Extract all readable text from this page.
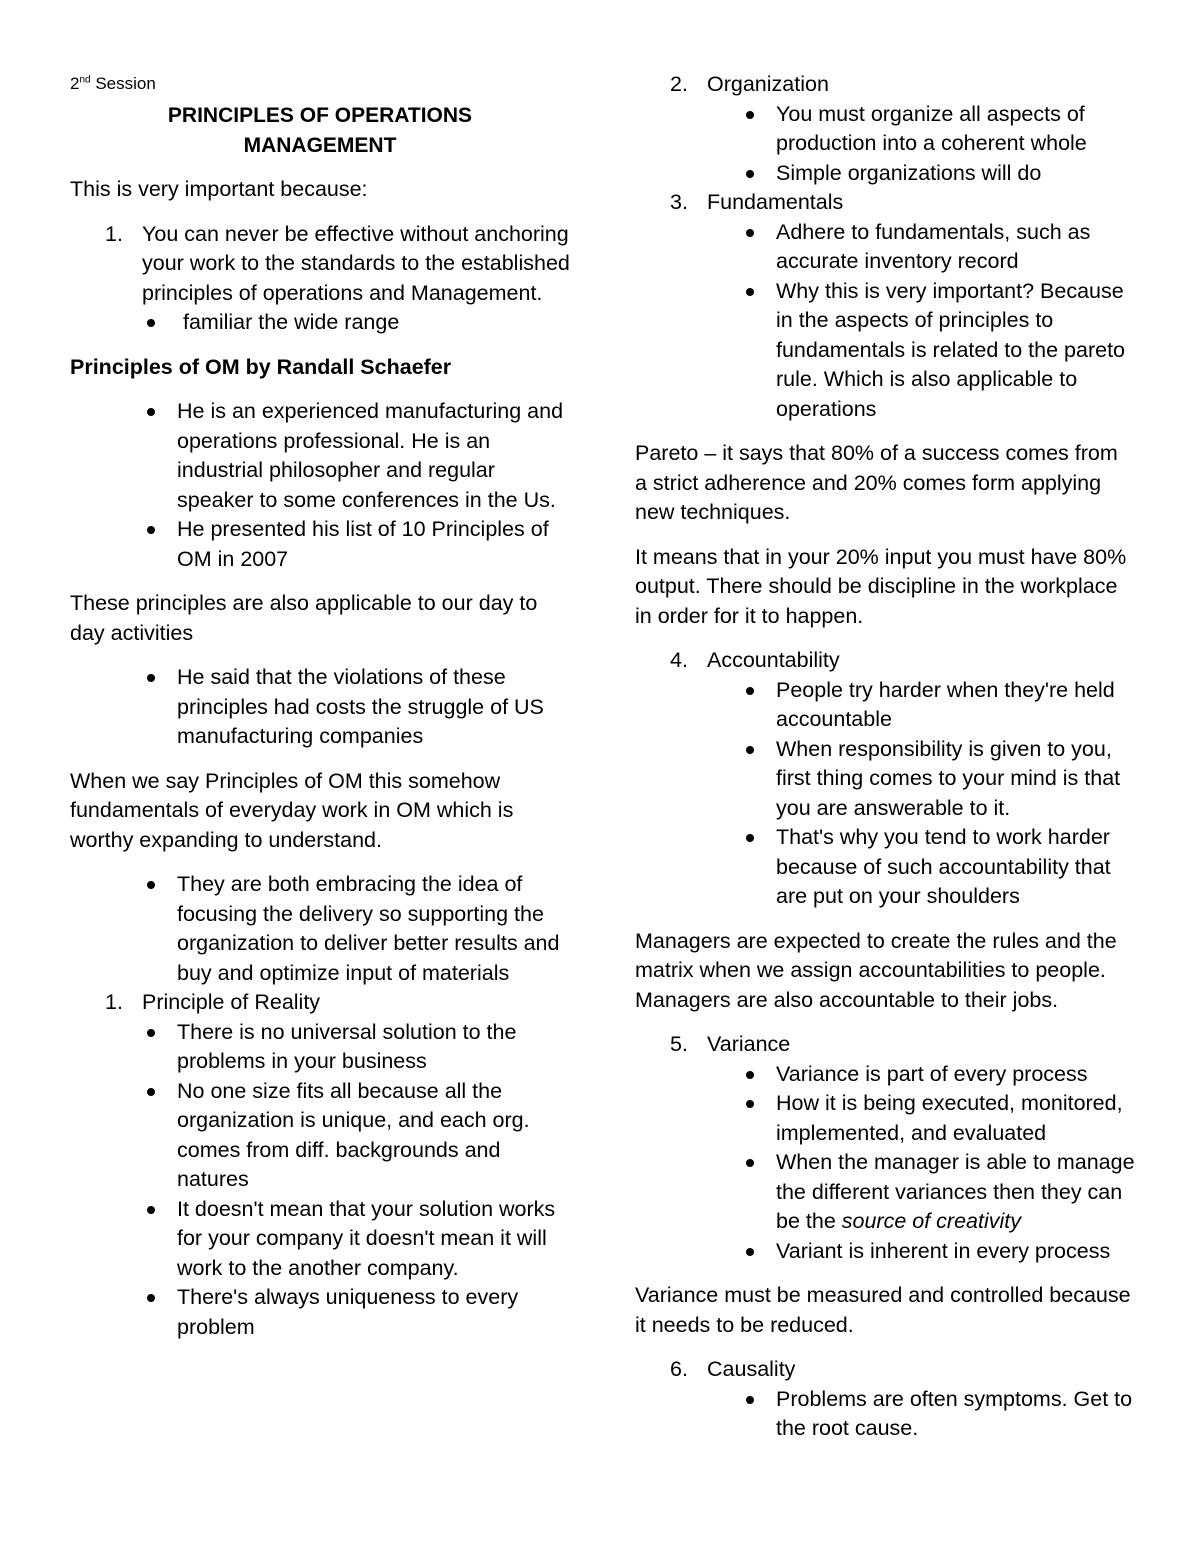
2nd Session
PRINCIPLES OF OPERATIONS
MANAGEMENT

This is very important because:

1. You can never be effective without anchoring your work to the standards to the established principles of operations and Management.
familiar the wide range
Principles of OM by Randall Schaefer
He is an experienced manufacturing and operations professional. He is an industrial philosopher and regular speaker to some conferences in the Us.
He presented his list of 10 Principles of OM in 2007

These principles are also applicable to our day to day activities

He said that the violations of these principles had costs the struggle of US manufacturing companies

When we say Principles of OM this somehow fundamentals of everyday work in OM which is worthy expanding to understand.

They are both embracing the idea of focusing the delivery so supporting the organization to deliver better results and buy and optimize input of materials
1. Principle of Reality
There is no universal solution to the problems in your business
No one size fits all because all the organization is unique, and each org. comes from diff. backgrounds and natures
It doesn't mean that your solution works for your company it doesn't mean it will work to the another company.
There's always uniqueness to every problem
2. Organization
You must organize all aspects of production into a coherent whole
Simple organizations will do
3. Fundamentals
Adhere to fundamentals, such as accurate inventory record
Why this is very important? Because in the aspects of principles to fundamentals is related to the pareto rule. Which is also applicable to operations

Pareto – it says that 80% of a success comes from a strict adherence and 20% comes form applying new techniques.

It means that in your 20% input you must have 80% output. There should be discipline in the workplace in order for it to happen.

4. Accountability
People try harder when they're held accountable
When responsibility is given to you, first thing comes to your mind is that you are answerable to it.
That's why you tend to work harder because of such accountability that are put on your shoulders

Managers are expected to create the rules and the matrix when we assign accountabilities to people. Managers are also accountable to their jobs.

5. Variance
Variance is part of every process
How it is being executed, monitored, implemented, and evaluated
When the manager is able to manage the different variances then they can be the source of creativity
Variant is inherent in every process

Variance must be measured and controlled because it needs to be reduced.

6. Causality
Problems are often symptoms. Get to the root cause.
